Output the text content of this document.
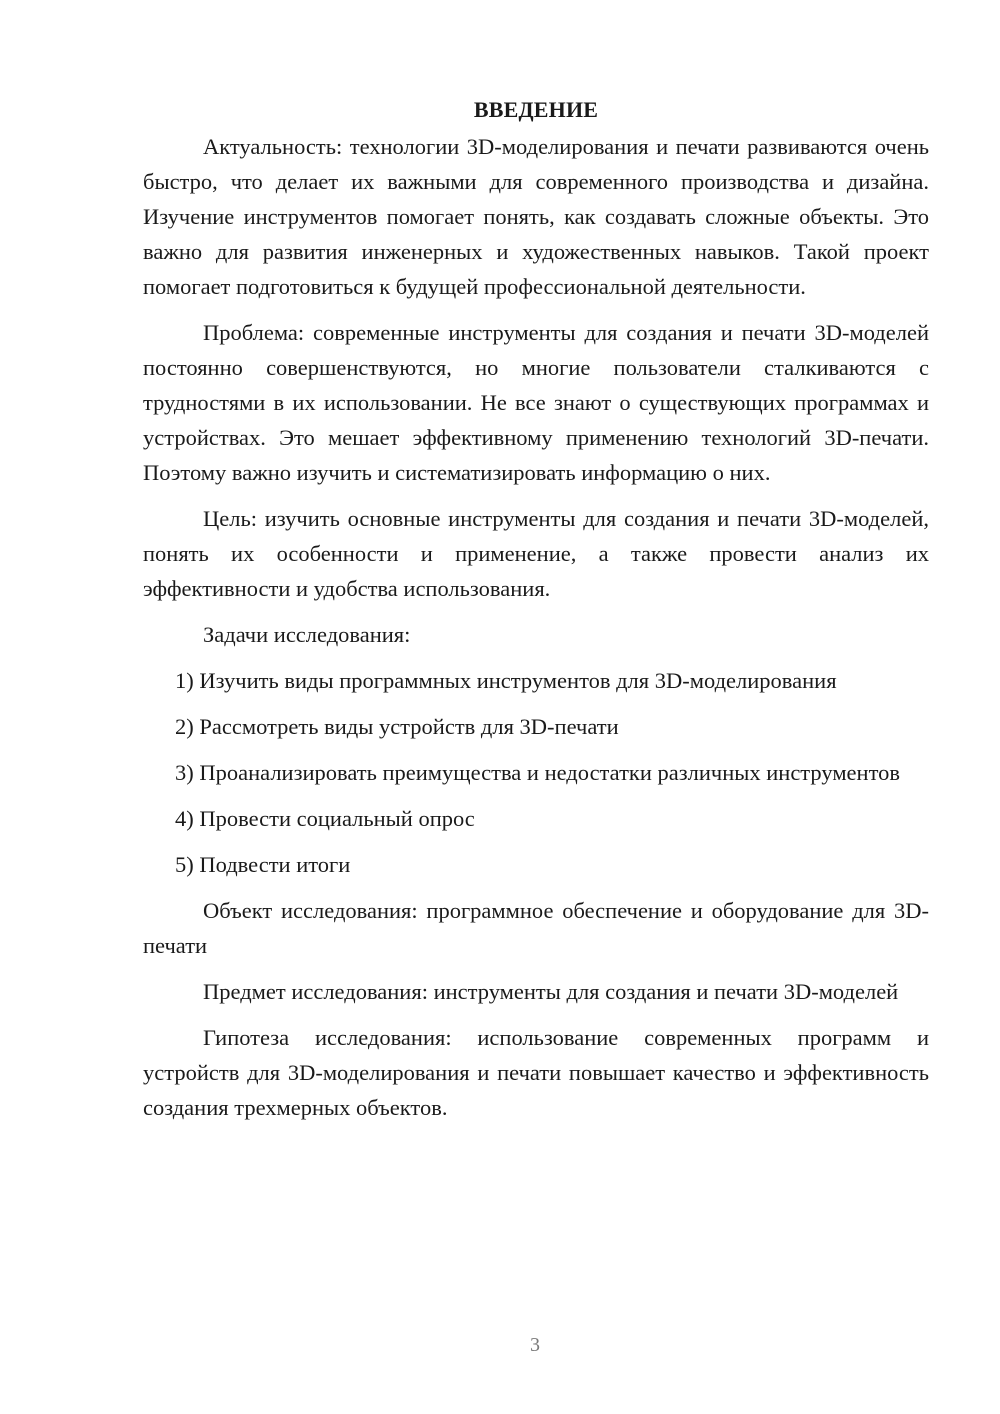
ВВЕДЕНИЕ

Актуальность: технологии 3D-моделирования и печати развиваются очень быстро, что делает их важными для современного производства и дизайна. Изучение инструментов помогает понять, как создавать сложные объекты. Это важно для развития инженерных и художественных навыков. Такой проект помогает подготовиться к будущей профессиональной деятельности.

Проблема: современные инструменты для создания и печати 3D-моделей постоянно совершенствуются, но многие пользователи сталкиваются с трудностями в их использовании. Не все знают о существующих программах и устройствах. Это мешает эффективному применению технологий 3D-печати. Поэтому важно изучить и систематизировать информацию о них.

Цель: изучить основные инструменты для создания и печати 3D-моделей, понять их особенности и применение, а также провести анализ их эффективности и удобства использования.

Задачи исследования:

1) Изучить виды программных инструментов для 3D-моделирования

2) Рассмотреть виды устройств для 3D-печати

3) Проанализировать преимущества и недостатки различных инструментов

4) Провести социальный опрос

5) Подвести итоги

Объект исследования: программное обеспечение и оборудование для 3D-печати

Предмет исследования: инструменты для создания и печати 3D-моделей

Гипотеза исследования: использование современных программ и устройств для 3D-моделирования и печати повышает качество и эффективность создания трехмерных объектов.

3
